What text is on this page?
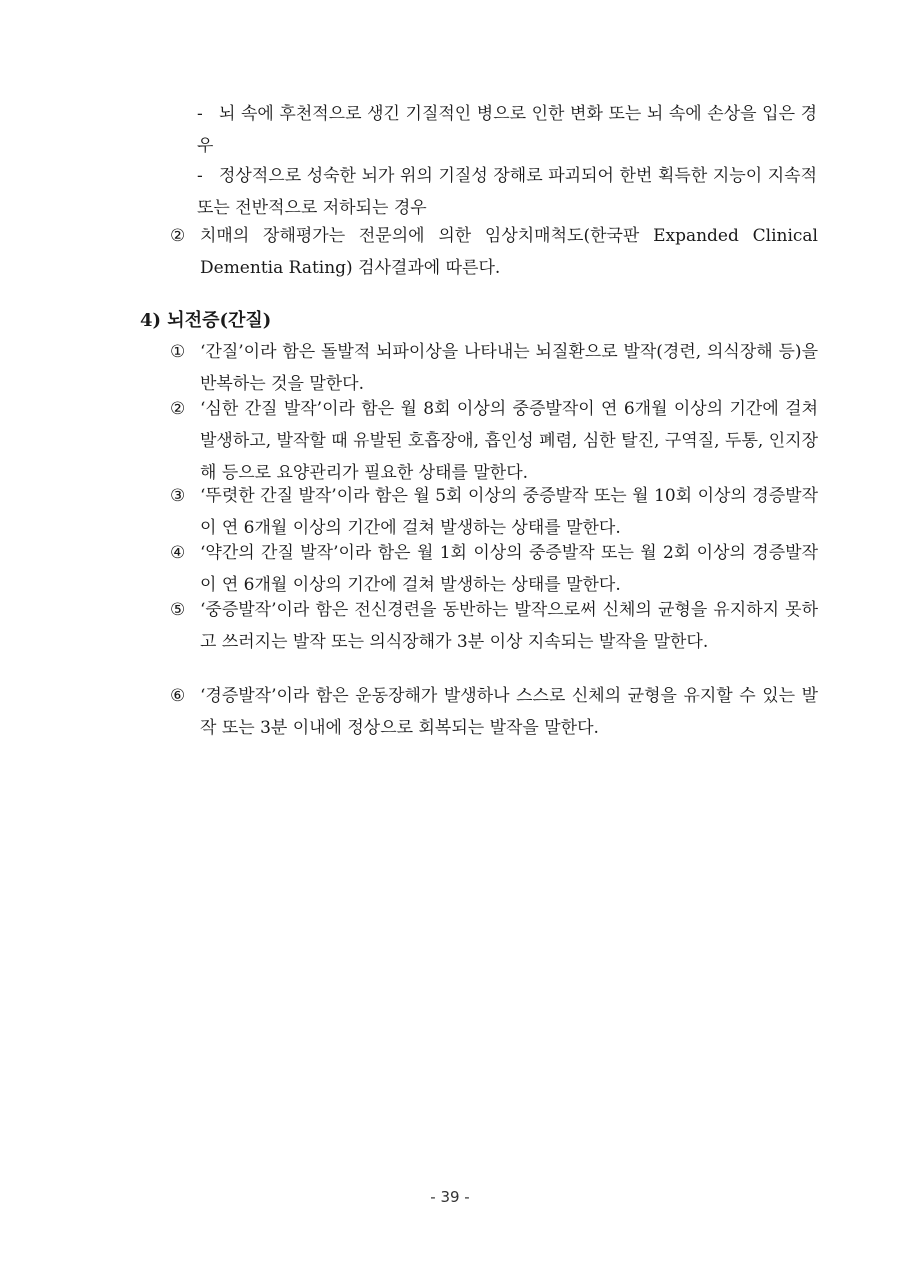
- 뇌 속에 후천적으로 생긴 기질적인 병으로 인한 변화 또는 뇌 속에 손상을 입은 경우
- 정상적으로 성숙한 뇌가 위의 기질성 장해로 파괴되어 한번 획득한 지능이 지속적 또는 전반적으로 저하되는 경우
② 치매의 장해평가는 전문의에 의한 임상치매척도(한국판 Expanded Clinical Dementia Rating) 검사결과에 따른다.
4) 뇌전증(간질)
① ‘간질’이라 함은 돌발적 뇌파이상을 나타내는 뇌질환으로 발작(경련, 의식장해 등)을 반복하는 것을 말한다.
② ‘심한 간질 발작’이라 함은 월 8회 이상의 중증발작이 연 6개월 이상의 기간에 걸쳐 발생하고, 발작할 때 유발된 호흡장애, 흡인성 폐렴, 심한 탈진, 구역질, 두통, 인지장해 등으로 요양관리가 필요한 상태를 말한다.
③ ‘뚜렷한 간질 발작’이라 함은 월 5회 이상의 중증발작 또는 월 10회 이상의 경증발작이 연 6개월 이상의 기간에 걸쳐 발생하는 상태를 말한다.
④ ‘약간의 간질 발작’이라 함은 월 1회 이상의 중증발작 또는 월 2회 이상의 경증발작이 연 6개월 이상의 기간에 걸쳐 발생하는 상태를 말한다.
⑤ ‘중증발작’이라 함은 전신경련을 동반하는 발작으로써 신체의 균형을 유지하지 못하고 쓰러지는 발작 또는 의식장해가 3분 이상 지속되는 발작을 말한다.
⑥ ‘경증발작’이라 함은 운동장해가 발생하나 스스로 신체의 균형을 유지할 수 있는 발작 또는 3분 이내에 정상으로 회복되는 발작을 말한다.
- 39 -
